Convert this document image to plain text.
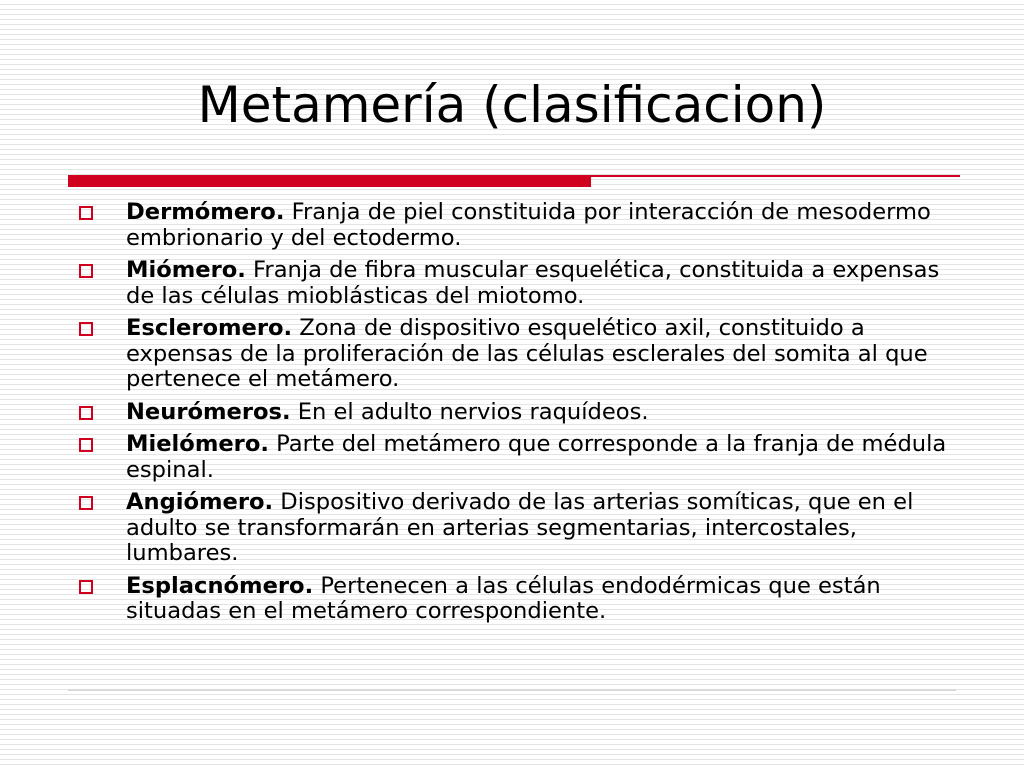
Metamería (clasificacion)
Dermómero. Franja de piel constituida por interacción de mesodermo embrionario y del ectodermo.
Miómero. Franja de fibra muscular esquelética, constituida a expensas de las células mioblásticas del miotomo.
Escleromero. Zona de dispositivo esquelético axil, constituido a expensas de la proliferación de las células esclerales del somita al que pertenece el metámero.
Neurómeros. En el adulto nervios raquídeos.
Mielómero. Parte del metámero que corresponde a la franja de médula espinal.
Angiómero. Dispositivo derivado de las arterias somíticas, que en el adulto se transformarán en arterias segmentarias, intercostales, lumbares.
Esplacnómero. Pertenecen a las células endodérmicas que están situadas en el metámero correspondiente.
